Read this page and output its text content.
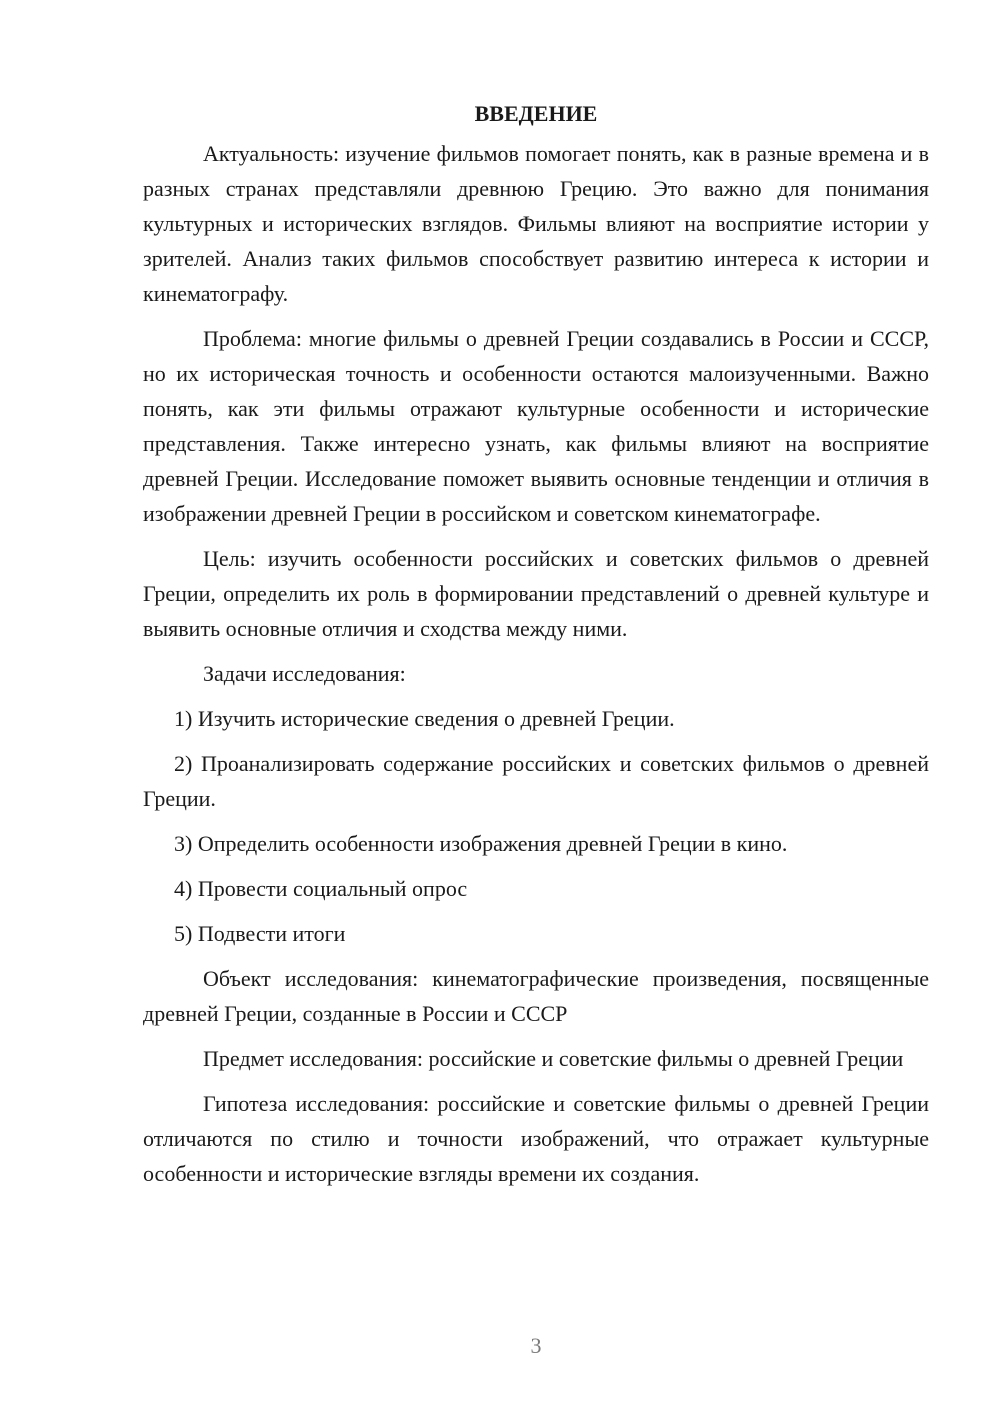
ВВЕДЕНИЕ

Актуальность: изучение фильмов помогает понять, как в разные времена и в разных странах представляли древнюю Грецию. Это важно для понимания культурных и исторических взглядов. Фильмы влияют на восприятие истории у зрителей. Анализ таких фильмов способствует развитию интереса к истории и кинематографу.

Проблема: многие фильмы о древней Греции создавались в России и СССР, но их историческая точность и особенности остаются малоизученными. Важно понять, как эти фильмы отражают культурные особенности и исторические представления. Также интересно узнать, как фильмы влияют на восприятие древней Греции. Исследование поможет выявить основные тенденции и отличия в изображении древней Греции в российском и советском кинематографе.

Цель: изучить особенности российских и советских фильмов о древней Греции, определить их роль в формировании представлений о древней культуре и выявить основные отличия и сходства между ними.

Задачи исследования:

1) Изучить исторические сведения о древней Греции.

2) Проанализировать содержание российских и советских фильмов о древней Греции.

3) Определить особенности изображения древней Греции в кино.

4) Провести социальный опрос

5) Подвести итоги

Объект исследования: кинематографические произведения, посвященные древней Греции, созданные в России и СССР

Предмет исследования: российские и советские фильмы о древней Греции

Гипотеза исследования: российские и советские фильмы о древней Греции отличаются по стилю и точности изображений, что отражает культурные особенности и исторические взгляды времени их создания.

3
